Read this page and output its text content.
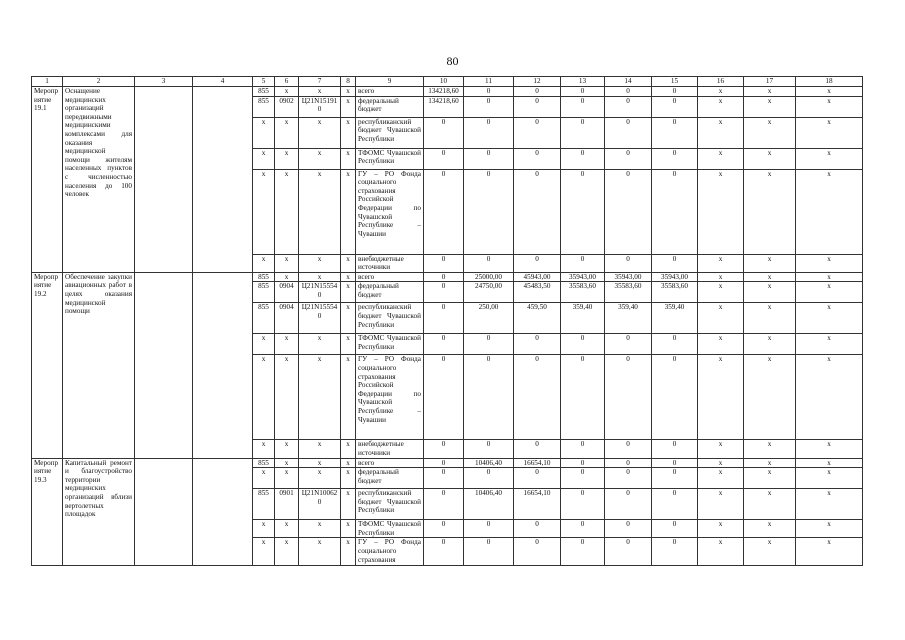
80
1	2	3	4	5	6	7	8	9	10	11	12	13	14	15	16	17	18
Мероприятие 19.1	Оснащение медицинских организаций передвижными медицинскими комплексами для оказания медицинской помощи жителям населенных пунктов с численностью населения до 100 человек			855	х	х	х	всего	134218,60	0	0	0	0	0	х	х	х
				855	0902	Ц21N151910	х	федеральный бюджет	134218,60	0	0	0	0	0	х	х	х
				х	х	х	х	республиканский бюджет Чувашской Республики	0	0	0	0	0	0	х	х	х
				х	х	х	х	ТФОМС Чувашской Республики	0	0	0	0	0	0	х	х	х
				х	х	х	х	ГУ – РО Фонда социального страхования Российской Федерации по Чувашской Республике – Чувашии	0	0	0	0	0	0	х	х	х
				х	х	х	х	внебюджетные источники	0	0	0	0	0	0	х	х	х
Мероприятие 19.2	Обеспечение закупки авиационных работ в целях оказания медицинской помощи			855	х	х	х	всего	0	25000,00	45943,00	35943,00	35943,00	35943,00	х	х	х
				855	0904	Ц21N155540	х	федеральный бюджет	0	24750,00	45483,50	35583,60	35583,60	35583,60	х	х	х
				855	0904	Ц21N155540	х	республиканский бюджет Чувашской Республики	0	250,00	459,50	359,40	359,40	359,40	х	х	х
				х	х	х	х	ТФОМС Чувашской Республики	0	0	0	0	0	0	х	х	х
				х	х	х	х	ГУ – РО Фонда социального страхования Российской Федерации по Чувашской Республике – Чувашии	0	0	0	0	0	0	х	х	х
				х	х	х	х	внебюджетные источники	0	0	0	0	0	0	х	х	х
Мероприятие 19.3	Капитальный ремонт и благоустройство территории медицинских организаций вблизи вертолетных площадок			855	х	х	х	всего	0	10406,40	16654,10	0	0	0	х	х	х
				х	х	х	х	федеральный бюджет	0	0	0	0	0	0	х	х	х
				855	0901	Ц21N100620	х	республиканский бюджет Чувашской Республики	0	10406,40	16654,10	0	0	0	х	х	х
				х	х	х	х	ТФОМС Чувашской Республики	0	0	0	0	0	0	х	х	х
				х	х	х	х	ГУ – РО Фонда социального страхования	0	0	0	0	0	0	х	х	х
